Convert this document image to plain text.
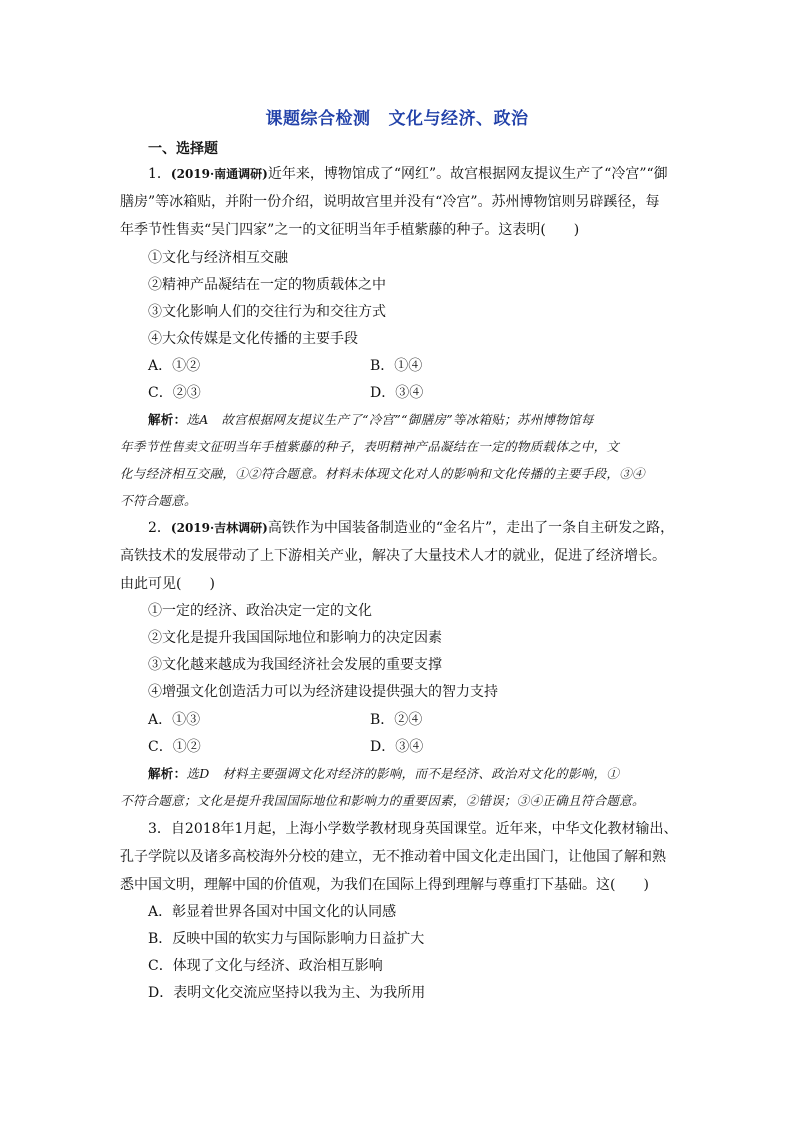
课题综合检测 文化与经济、政治
一、选择题
1．(2019·南通调研)近年来，博物馆成了“网红”。故宫根据网友提议生产了“冷宫”“御
膳房”等冰箱贴，并附一份介绍，说明故宫里并没有“冷宫”。苏州博物馆则另辟蹊径，每
年季节性售卖“吴门四家”之一的文征明当年手植紫藤的种子。这表明(　　)
①文化与经济相互交融
②精神产品凝结在一定的物质载体之中
③文化影响人们的交往行为和交往方式
④大众传媒是文化传播的主要手段
A．①②	B．①④
C．②③	D．③④
解析：选A　故宫根据网友提议生产了“冷宫”“御膳房”等冰箱贴；苏州博物馆每
年季节性售卖文征明当年手植紫藤的种子，表明精神产品凝结在一定的物质载体之中，文
化与经济相互交融，①②符合题意。材料未体现文化对人的影响和文化传播的主要手段，③④
不符合题意。
2．(2019·吉林调研)高铁作为中国装备制造业的“金名片”，走出了一条自主研发之路，
高铁技术的发展带动了上下游相关产业，解决了大量技术人才的就业，促进了经济增长。
由此可见(　　)
①一定的经济、政治决定一定的文化
②文化是提升我国国际地位和影响力的决定因素
③文化越来越成为我国经济社会发展的重要支撑
④增强文化创造活力可以为经济建设提供强大的智力支持
A．①③	B．②④
C．①②	D．③④
解析：选D　材料主要强调文化对经济的影响，而不是经济、政治对文化的影响，①
不符合题意；文化是提升我国国际地位和影响力的重要因素，②错误；③④正确且符合题意。
3．自2018年1月起，上海小学数学教材现身英国课堂。近年来，中华文化教材输出、
孔子学院以及诸多高校海外分校的建立，无不推动着中国文化走出国门，让他国了解和熟
悉中国文明，理解中国的价值观，为我们在国际上得到理解与尊重打下基础。这(　　)
A．彰显着世界各国对中国文化的认同感
B．反映中国的软实力与国际影响力日益扩大
C．体现了文化与经济、政治相互影响
D．表明文化交流应坚持以我为主、为我所用
